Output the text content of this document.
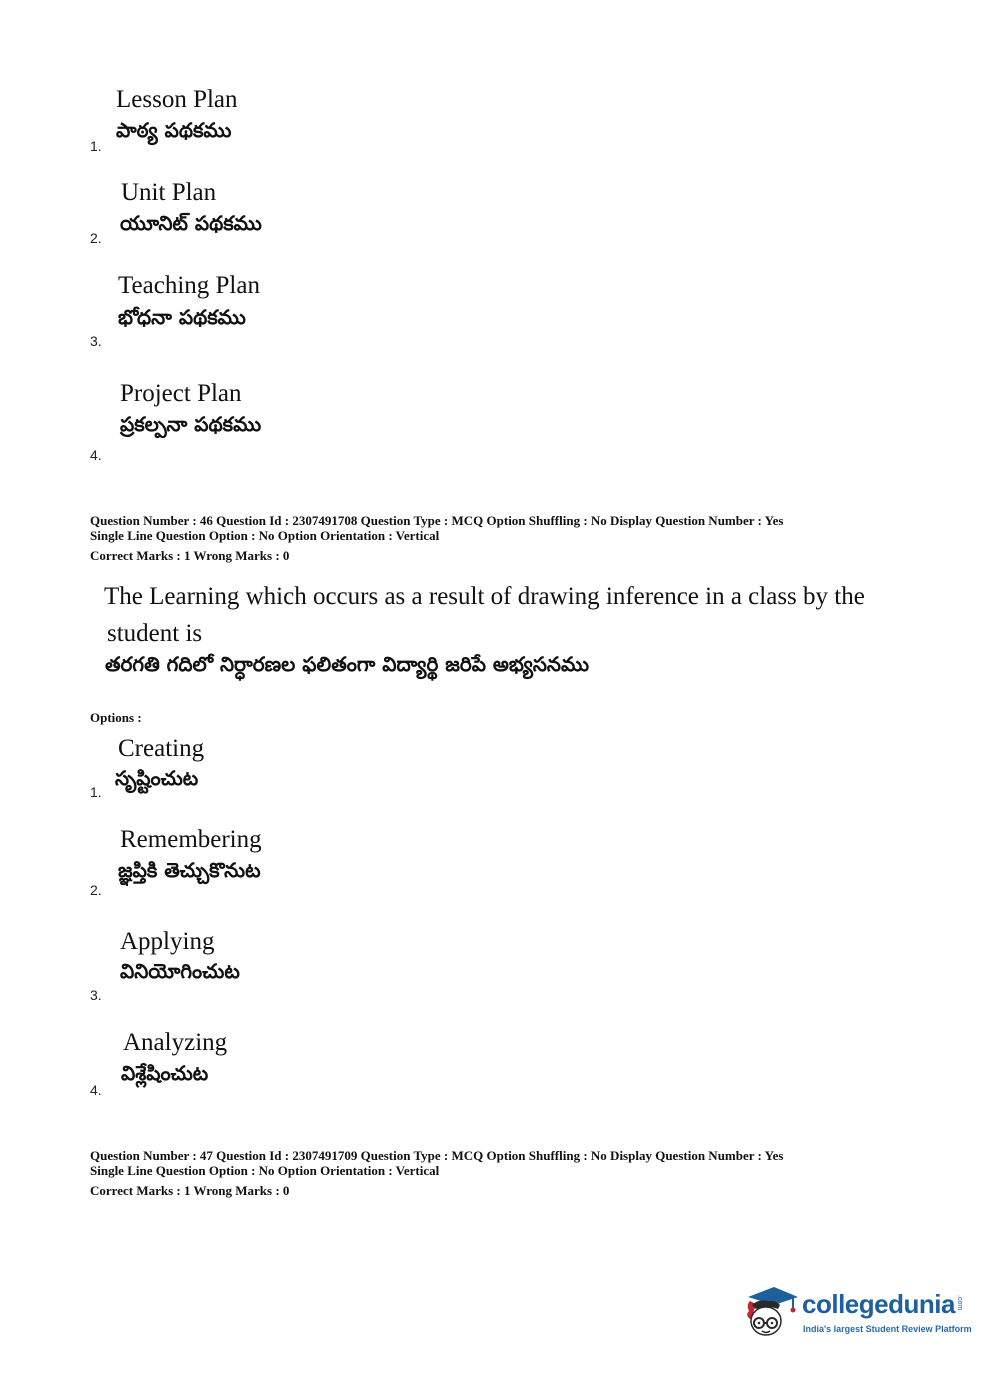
Lesson Plan
పాఠ్య పథకము
1.
Unit Plan
యూనిట్ పథకము
2.
Teaching Plan
భోధనా పథకము
3.
Project Plan
ప్రకల్పనా పథకము
4.
Question Number : 46 Question Id : 2307491708 Question Type : MCQ Option Shuffling : No Display Question Number : Yes
Single Line Question Option : No Option Orientation : Vertical
Correct Marks : 1 Wrong Marks : 0
The Learning which occurs as a result of drawing inference in a class by the
student is
తరగతి గదిలో నిర్ధారణల ఫలితంగా విద్యార్థి జరిపే అభ్యసనము
Options :
Creating
సృష్టించుట
1.
Remembering
జ్ఞప్తికి తెచ్చుకొనుట
2.
Applying
వినియోగించుట
3.
Analyzing
విశ్లేషించుట
4.
Question Number : 47 Question Id : 2307491709 Question Type : MCQ Option Shuffling : No Display Question Number : Yes
Single Line Question Option : No Option Orientation : Vertical
Correct Marks : 1 Wrong Marks : 0
collegedunia .com
India's largest Student Review Platform
